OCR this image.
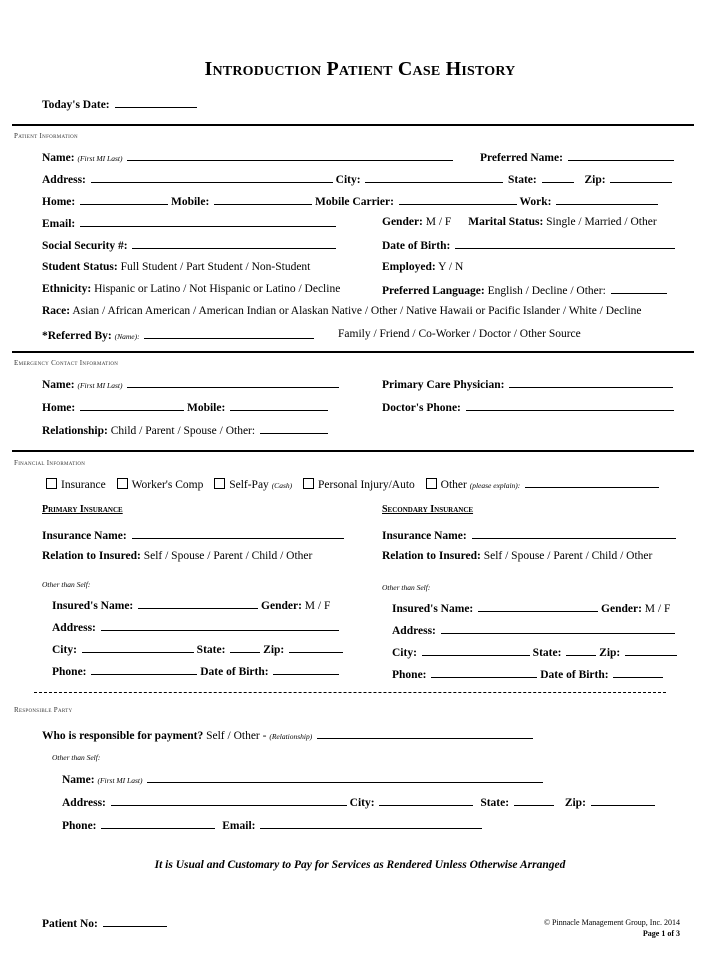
Introduction Patient Case History
Today's Date:
Patient Information
Name: (First MI Last)	Preferred Name:
Address:	City:	State:	Zip:
Home:	Mobile:	Mobile Carrier:	Work:
Email:	Gender: M / F Marital Status: Single / Married / Other
Social Security #:	Date of Birth:
Student Status: Full Student / Part Student / Non-Student	Employed: Y / N
Ethnicity: Hispanic or Latino / Not Hispanic or Latino / Decline	Preferred Language: English / Decline / Other:
Race: Asian / African American / American Indian or Alaskan Native / Other / Native Hawaii or Pacific Islander / White / Decline
*Referred By: (Name):	Family / Friend / Co-Worker / Doctor / Other Source
Emergency Contact Information
Name: (First MI Last)	Primary Care Physician:
Home:	Mobile:	Doctor's Phone:
Relationship: Child / Parent / Spouse / Other:
Financial Information
Insurance Worker's Comp Self-Pay (Cash) Personal Injury/Auto Other (please explain):
Primary Insurance	Secondary Insurance
Insurance Name:
Relation to Insured: Self / Spouse / Parent / Child / Other
Other than Self:
Insured's Name:	Gender: M / F
Address:
City:	State:	Zip:
Phone:	Date of Birth:
Insurance Name:
Relation to Insured: Self / Spouse / Parent / Child / Other
Other than Self:
Insured's Name:	Gender: M / F
Address:
City:	State:	Zip:
Phone:	Date of Birth:
Responsible Party
Who is responsible for payment? Self / Other - (Relationship)
Other than Self:
Name: (First MI Last)
Address:	City:	State:	Zip:
Phone:	Email:
It is Usual and Customary to Pay for Services as Rendered Unless Otherwise Arranged
Patient No:	© Pinnacle Management Group, Inc. 2014
Page 1 of 3
